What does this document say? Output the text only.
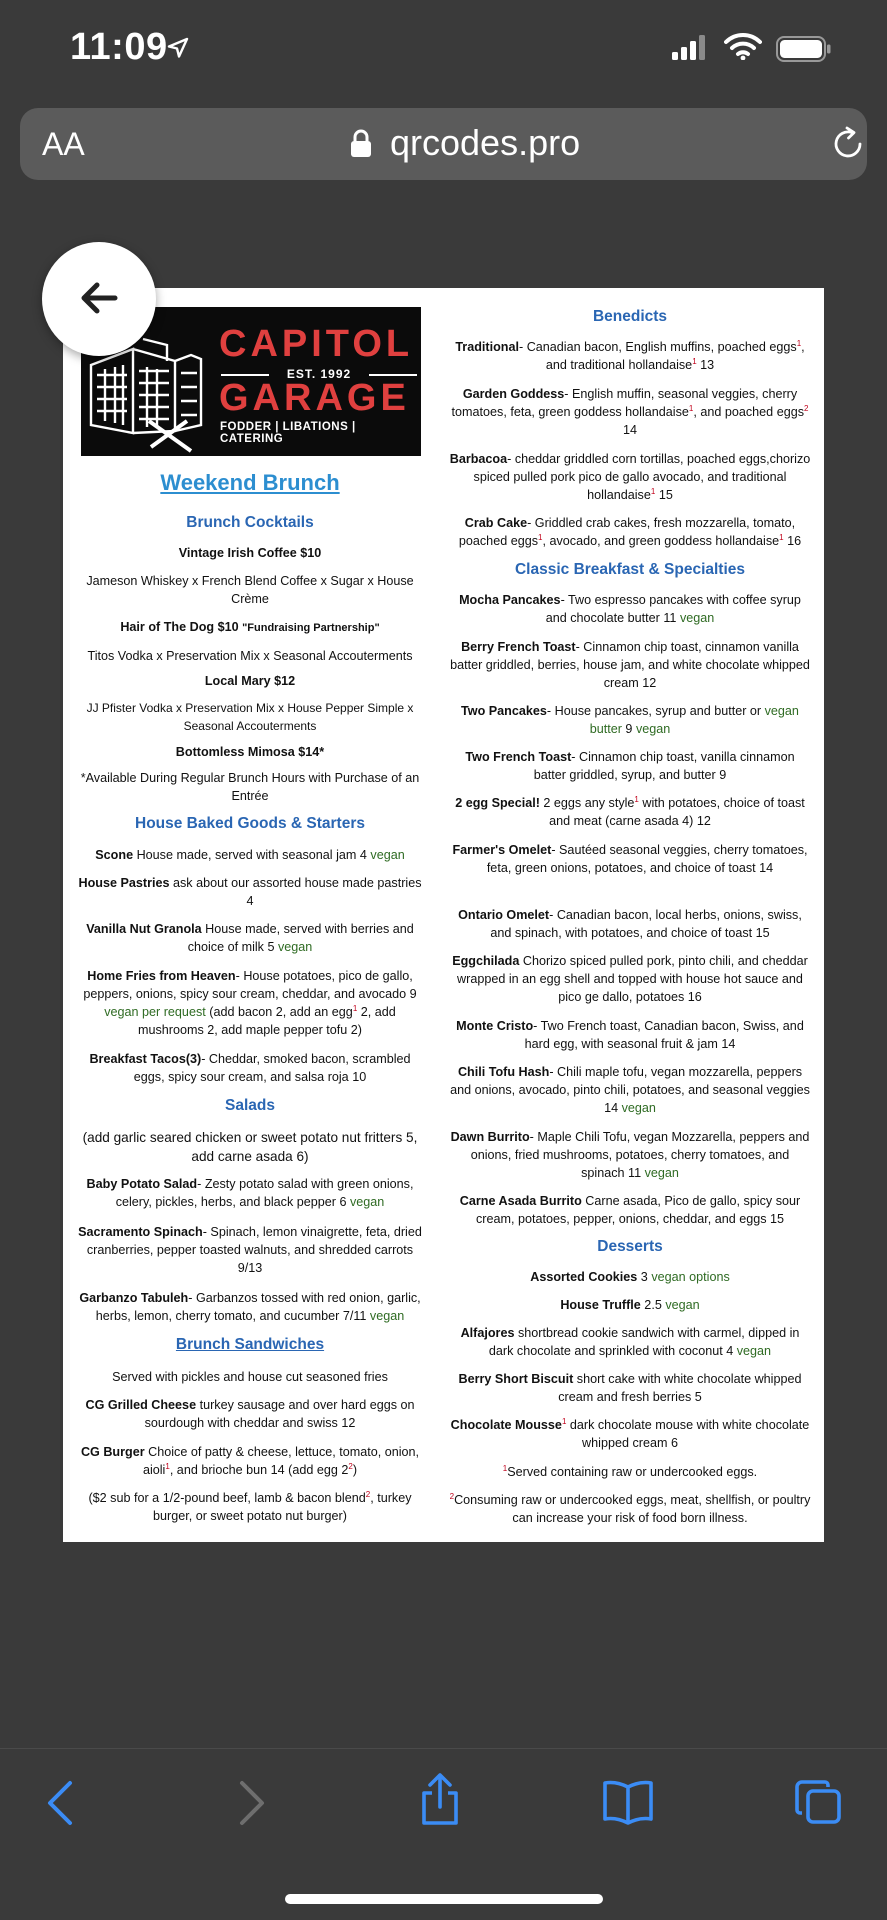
11:09
AA	qrcodes.pro
CAPITOL
EST. 1992
GARAGE
FODDER | LIBATIONS | CATERING
Weekend Brunch
Brunch Cocktails
Vintage Irish Coffee $10
Jameson Whiskey x French Blend Coffee x Sugar x House Crème
Hair of The Dog $10 "Fundraising Partnership"
Titos Vodka x Preservation Mix x Seasonal Accouterments
Local Mary $12
JJ Pfister Vodka x Preservation Mix x House Pepper Simple x Seasonal Accouterments
Bottomless Mimosa $14*
*Available During Regular Brunch Hours with Purchase of an Entrée
House Baked Goods & Starters
Scone House made, served with seasonal jam 4 vegan
House Pastries ask about our assorted house made pastries 4
Vanilla Nut Granola House made, served with berries and choice of milk 5 vegan
Home Fries from Heaven- House potatoes, pico de gallo, peppers, onions, spicy sour cream, cheddar, and avocado 9 vegan per request (add bacon 2, add an egg$^1$ 2, add mushrooms 2, add maple pepper tofu 2)
Breakfast Tacos(3)- Cheddar, smoked bacon, scrambled eggs, spicy sour cream, and salsa roja 10
Salads
(add garlic seared chicken or sweet potato nut fritters 5, add carne asada 6)
Baby Potato Salad- Zesty potato salad with green onions, celery, pickles, herbs, and black pepper 6 vegan
Sacramento Spinach- Spinach, lemon vinaigrette, feta, dried cranberries, pepper toasted walnuts, and shredded carrots 9/13
Garbanzo Tabuleh- Garbanzos tossed with red onion, garlic, herbs, lemon, cherry tomato, and cucumber 7/11 vegan
Brunch Sandwiches
Served with pickles and house cut seasoned fries
CG Grilled Cheese turkey sausage and over hard eggs on sourdough with cheddar and swiss 12
CG Burger Choice of patty & cheese, lettuce, tomato, onion, aioli$^1$, and brioche bun 14 (add egg $2^2$)
($2 sub for a 1/2-pound beef, lamb & bacon blend$^2$, turkey burger, or sweet potato nut burger)
Benedicts
Traditional- Canadian bacon, English muffins, poached eggs$^1$, and traditional hollandaise$^1$ 13
Garden Goddess- English muffin, seasonal veggies, cherry tomatoes, feta, green goddess hollandaise$^1$, and poached eggs$^2$ 14
Barbacoa- cheddar griddled corn tortillas, poached eggs,chorizo spiced pulled pork pico de gallo avocado, and traditional hollandaise$^1$ 15
Crab Cake- Griddled crab cakes, fresh mozzarella, tomato, poached eggs$^1$, avocado, and green goddess hollandaise$^1$ 16
Classic Breakfast & Specialties
Mocha Pancakes- Two espresso pancakes with coffee syrup and chocolate butter 11 vegan
Berry French Toast- Cinnamon chip toast, cinnamon vanilla batter griddled, berries, house jam, and white chocolate whipped cream 12
Two Pancakes- House pancakes, syrup and butter or vegan butter 9 vegan
Two French Toast- Cinnamon chip toast, vanilla cinnamon batter griddled, syrup, and butter 9
2 egg Special! 2 eggs any style$^1$ with potatoes, choice of toast and meat (carne asada 4) 12
Farmer's Omelet- Sautéed seasonal veggies, cherry tomatoes, feta, green onions, potatoes, and choice of toast 14
Ontario Omelet- Canadian bacon, local herbs, onions, swiss, and spinach, with potatoes, and choice of toast 15
Eggchilada Chorizo spiced pulled pork, pinto chili, and cheddar wrapped in an egg shell and topped with house hot sauce and pico ge dallo, potatoes 16
Monte Cristo- Two French toast, Canadian bacon, Swiss, and hard egg, with seasonal fruit & jam 14
Chili Tofu Hash- Chili maple tofu, vegan mozzarella, peppers and onions, avocado, pinto chili, potatoes, and seasonal veggies 14 vegan
Dawn Burrito- Maple Chili Tofu, vegan Mozzarella, peppers and onions, fried mushrooms, potatoes, cherry tomatoes, and spinach 11 vegan
Carne Asada Burrito Carne asada, Pico de gallo, spicy sour cream, potatoes, pepper, onions, cheddar, and eggs 15
Desserts
Assorted Cookies 3 vegan options
House Truffle 2.5 vegan
Alfajores shortbread cookie sandwich with carmel, dipped in dark chocolate and sprinkled with coconut 4 vegan
Berry Short Biscuit short cake with white chocolate whipped cream and fresh berries 5
Chocolate Mousse$^1$ dark chocolate mouse with white chocolate whipped cream 6
$^1$Served containing raw or undercooked eggs.
$^2$Consuming raw or undercooked eggs, meat, shellfish, or poultry can increase your risk of food born illness.
